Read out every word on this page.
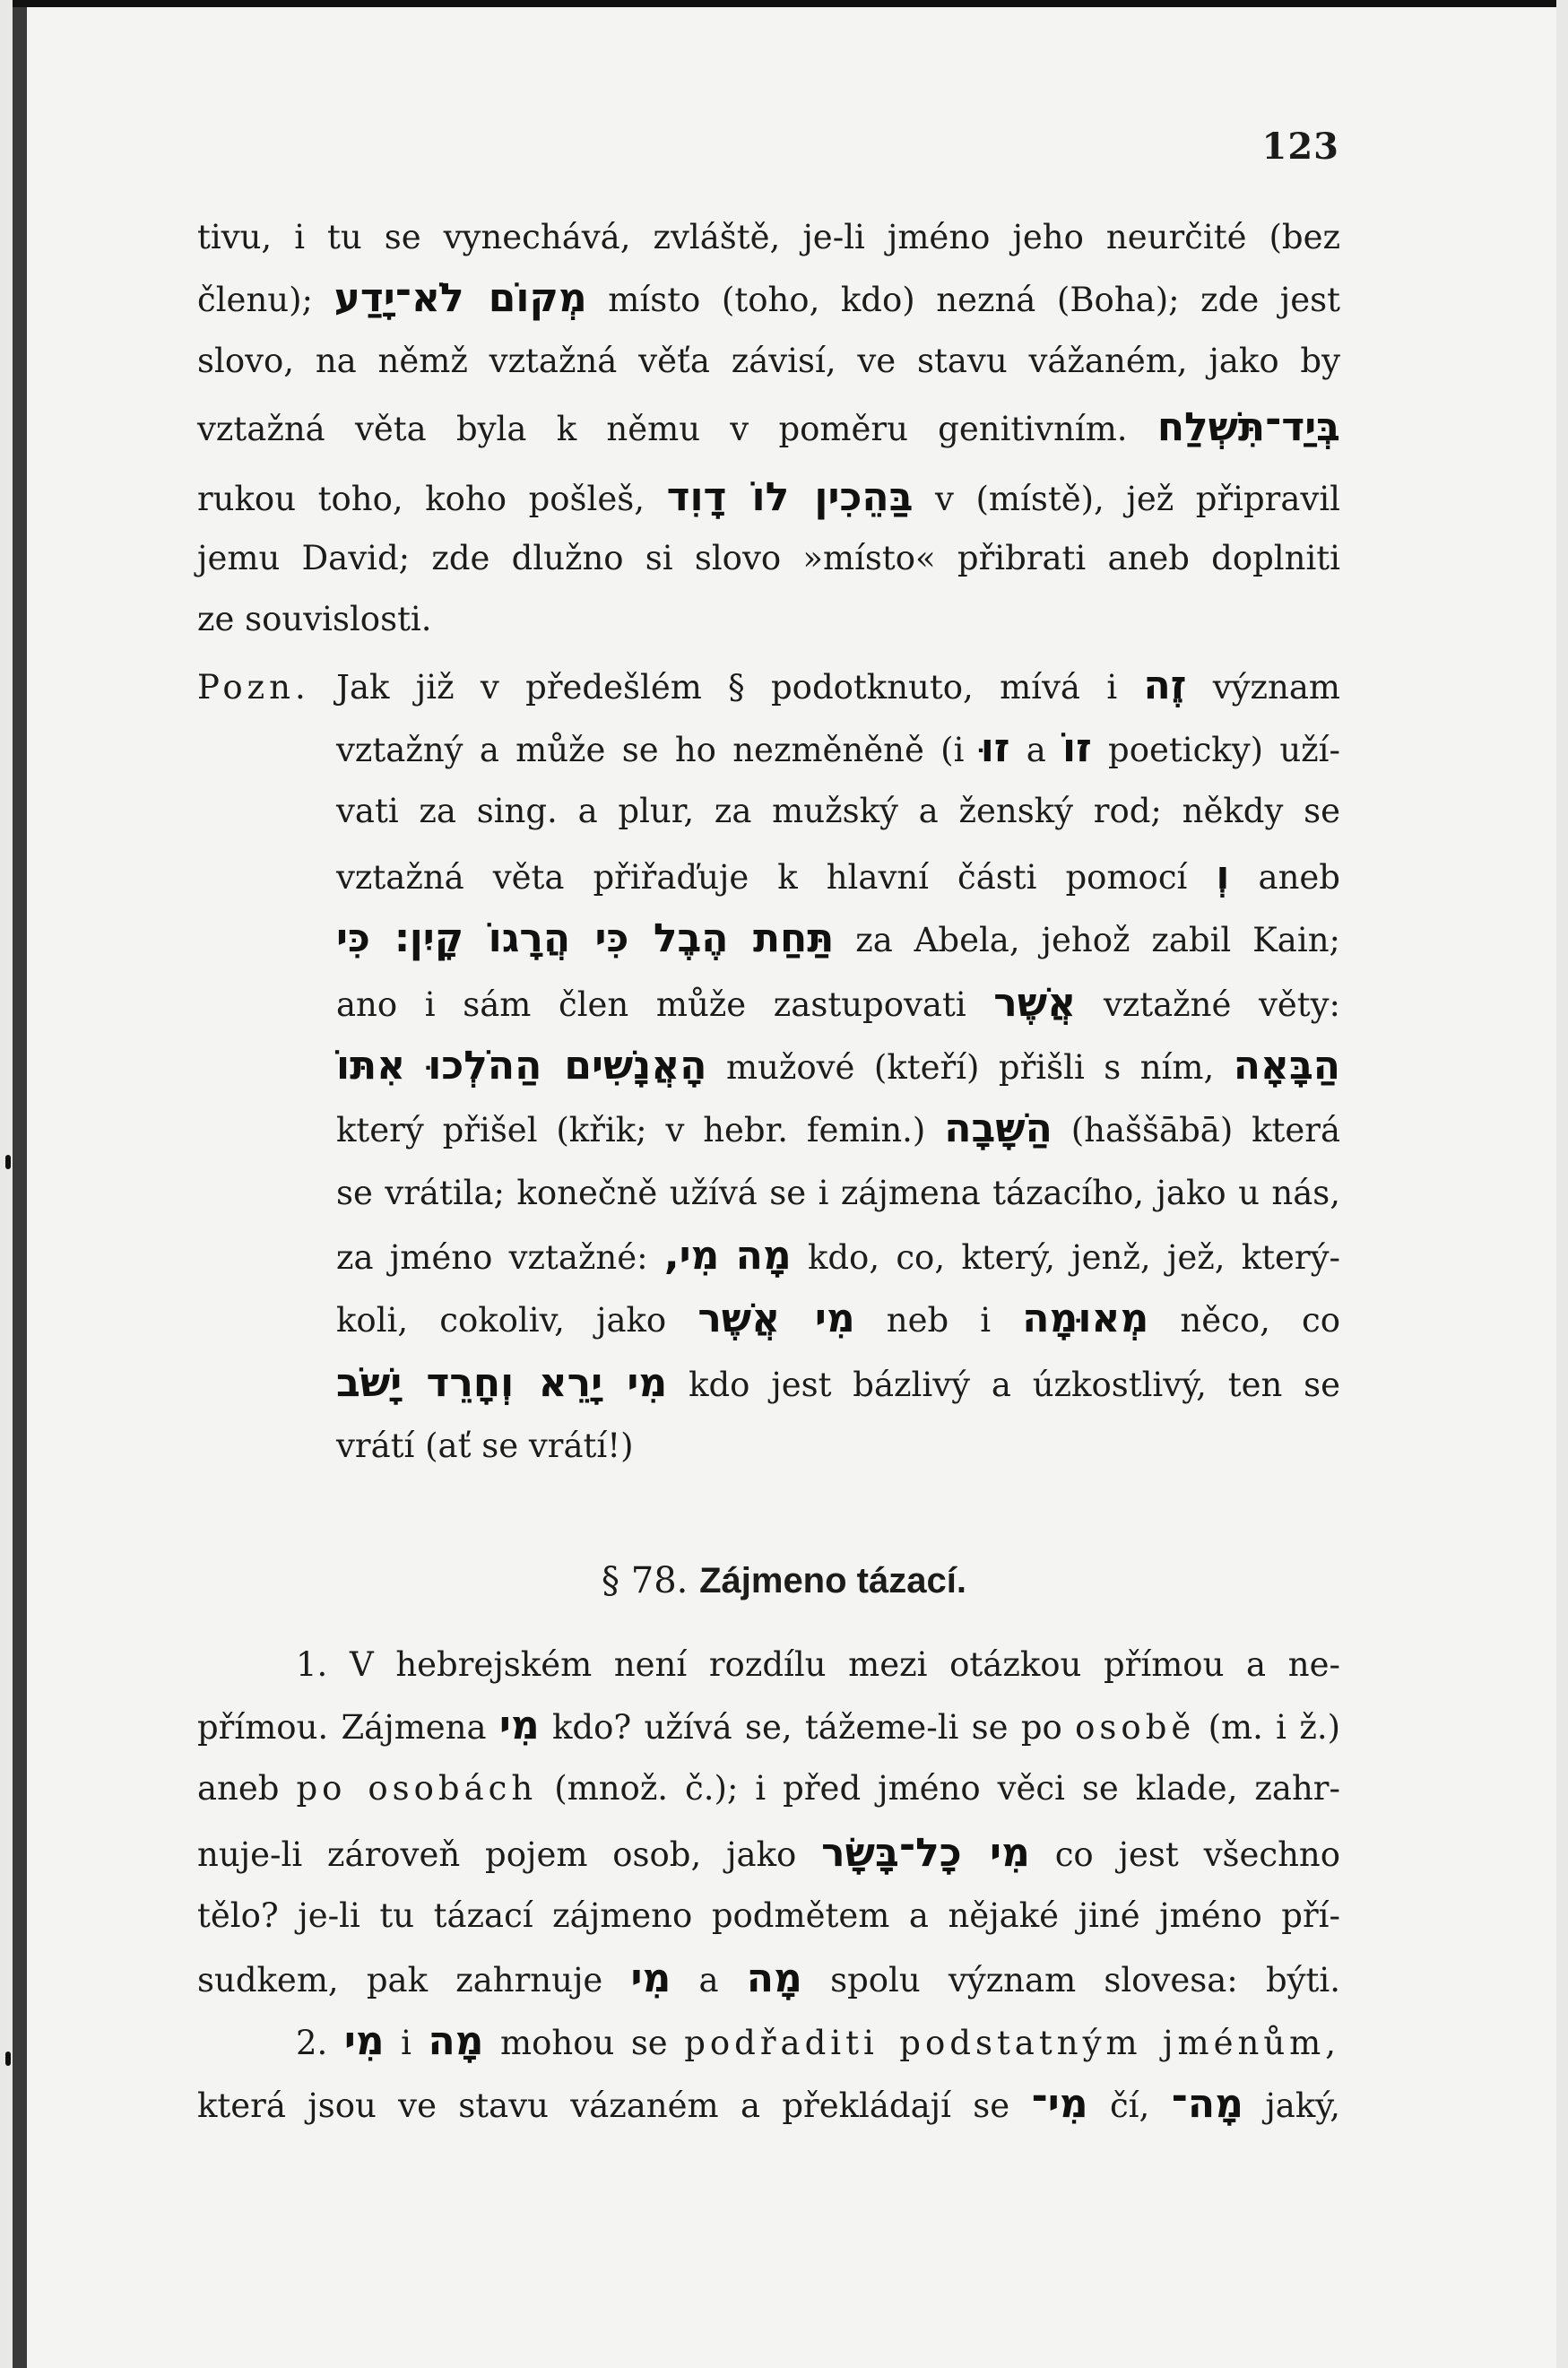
123
tivu, i tu se vynechává, zvláště, je-li jméno jeho neurčité (bez
členu); מְקוֹם לֹא־יָדַע místo (toho, kdo) nezná (Boha); zde jest
slovo, na němž vztažná věťa závisí, ve stavu vážaném, jako by
vztažná věta byla k němu v poměru genitivním. בְּיַד־תִּשְׁלַח
rukou toho, koho pošleš, בַּהֵכִין לוֹ דָוִד v (místě), jež připravil
jemu David; zde dlužno si slovo »místo« přibrati aneb doplniti
ze souvislosti.
Pozn. Jak již v předešlém § podotknuto, mívá i זֶה význam
vztažný a může se ho nezměněně (i זוּ a זוֹ poeticky) uží-
vati za sing. a plur, za mužský a ženský rod; někdy se
vztažná věta přiřaďuje k hlavní části pomocí וְ aneb
תַּחַת הֶבֶל כִּי הֲרָגוֹ קָיִן׃ כִּי za Abela, jehož zabil Kain;
ano i sám člen může zastupovati אֲשֶׁר vztažné věty:
הָאֲנָשִׁים הַהֹלְכוּ אִתּוֹ mužové (kteří) přišli s ním, הַבָּאָה
který přišel (křik; v hebr. femin.) הַשָּׁבָה (haššābā) která
se vrátila; konečně užívá se i zájmena tázacího, jako u nás,
za jméno vztažné: מִי, מָה kdo, co, který, jenž, jež, který-
koli, cokoliv, jako מִי אֲשֶׁר neb i מְאוּמָה něco, co
מִי יָרֵא וְחָרֵד יָשֹׁב kdo jest bázlivý a úzkostlivý, ten se
vrátí (ať se vrátí!)
§ 78. Zájmeno tázací.
1. V hebrejském není rozdílu mezi otázkou přímou a ne-
přímou. Zájmena מִי kdo? užívá se, tážeme-li se po osobě (m. i ž.)
aneb po osobách (množ. č.); i před jméno věci se klade, zahr-
nuje-li zároveň pojem osob, jako מִי כָל־בָּשָׂר co jest všechno
tělo? je-li tu tázací zájmeno podmětem a nějaké jiné jméno pří-
sudkem, pak zahrnuje מִי a מָה spolu význam slovesa: býti.
2. מִי i מָה mohou se podřaditi podstatným jménům,
která jsou ve stavu vázaném a překládají se מִי־ čí, מָה־ jaký,
